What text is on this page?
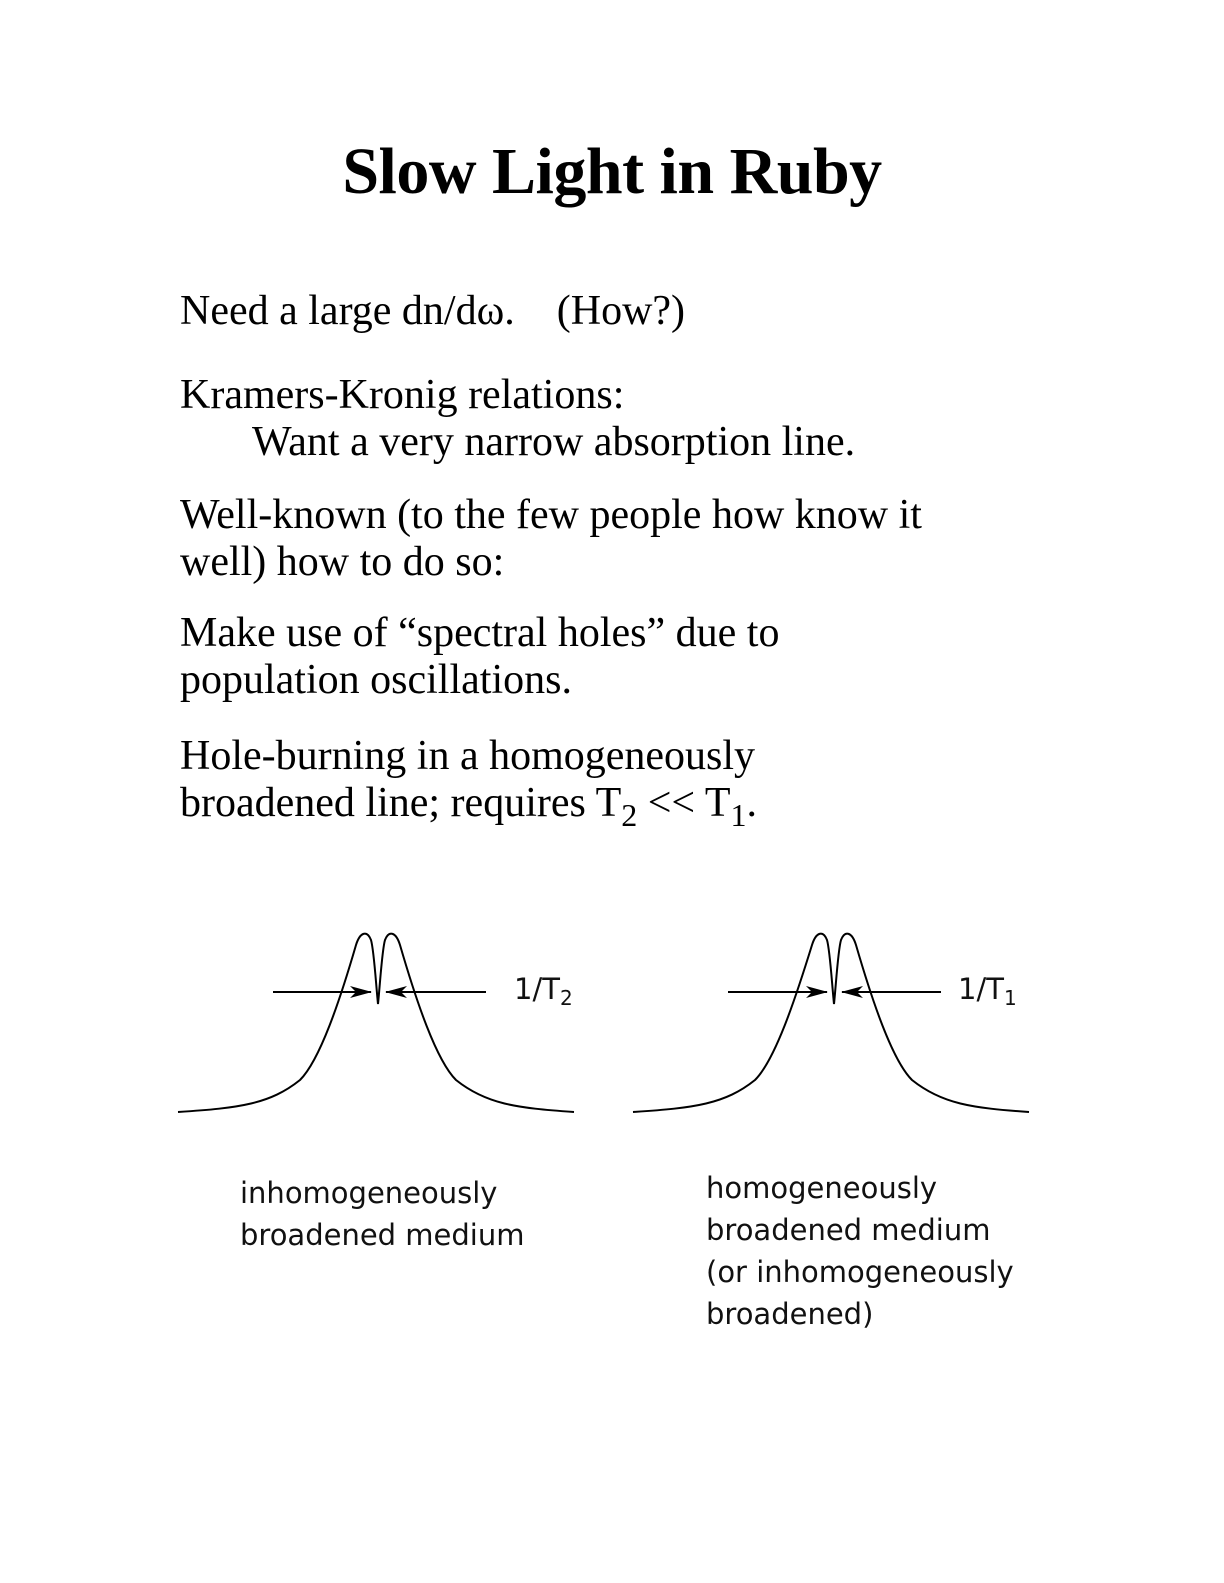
Slow Light in Ruby
Need a large dn/dω. (How?)
Kramers-Kronig relations:
Want a very narrow absorption line.
Well-known (to the few people how know it
well) how to do so:
Make use of “spectral holes” due to
population oscillations.
Hole-burning in a homogeneously
broadened line; requires $T_2 << T_1$.
$1/T_2$	$1/T_1$
inhomogeneously
broadened medium
homogeneously
broadened medium
(or inhomogeneously
broadened)
